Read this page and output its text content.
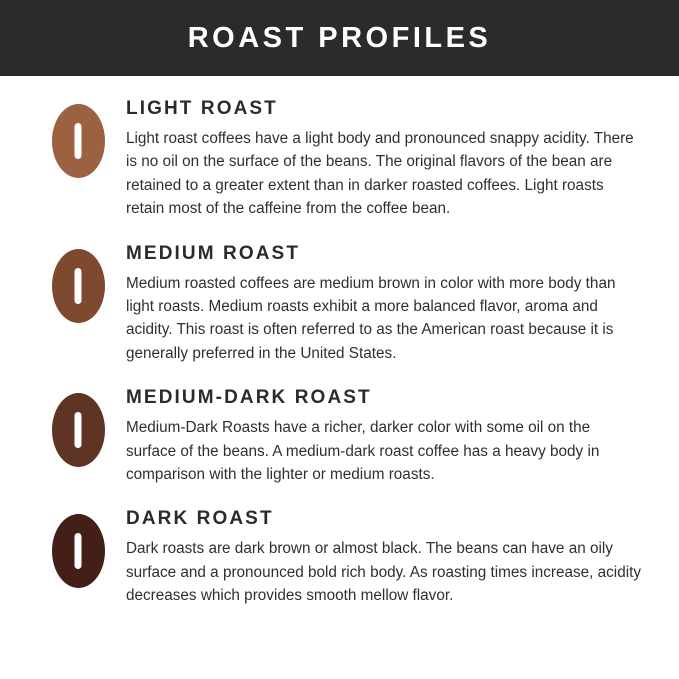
ROAST PROFILES
LIGHT ROAST

Light roast coffees have a light body and pronounced snappy acidity. There is no oil on the surface of the beans. The original flavors of the bean are retained to a greater extent than in darker roasted coffees. Light roasts retain most of the caffeine from the coffee bean.

MEDIUM ROAST

Medium roasted coffees are medium brown in color with more body than light roasts. Medium roasts exhibit a more balanced flavor, aroma and acidity. This roast is often referred to as the American roast because it is generally preferred in the United States.

MEDIUM-DARK ROAST

Medium-Dark Roasts have a richer, darker color with some oil on the surface of the beans. A medium-dark roast coffee has a heavy body in comparison with the lighter or medium roasts.

DARK ROAST

Dark roasts are dark brown or almost black. The beans can have an oily surface and a pronounced bold rich body. As roasting times increase, acidity decreases which provides smooth mellow flavor.
